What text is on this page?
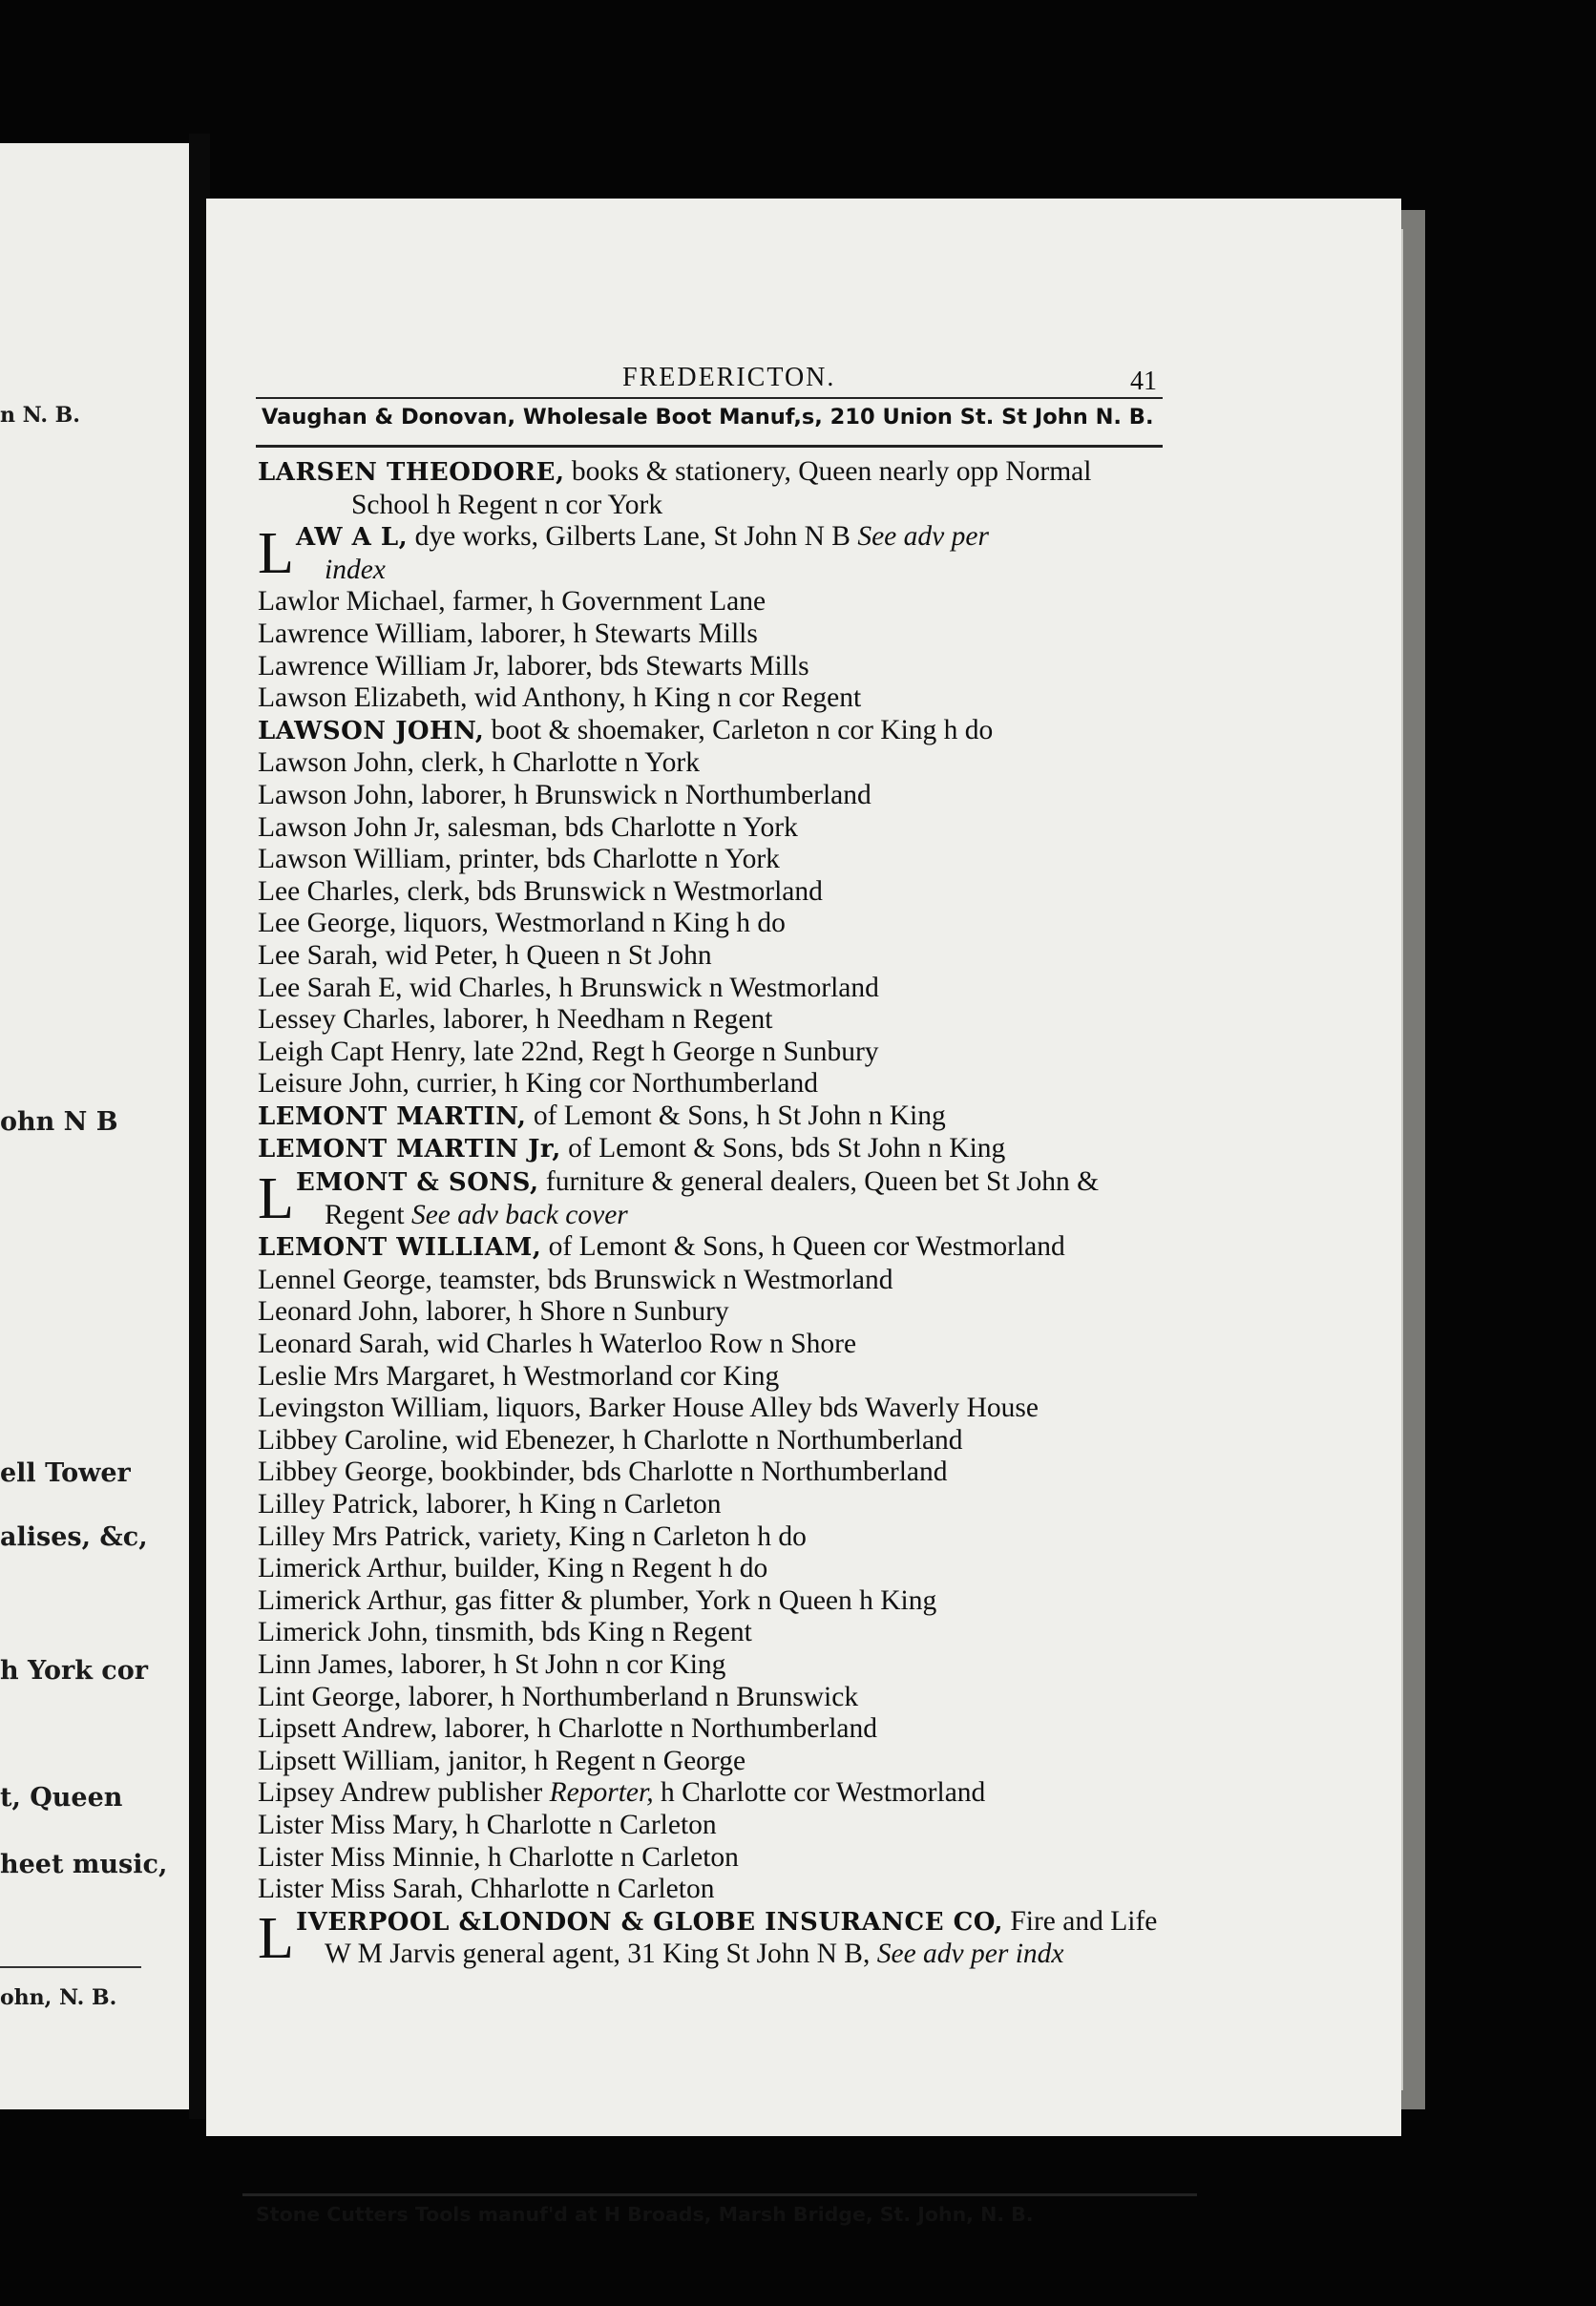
n N. B.
ohn N B
ell Tower
alises, &c,
h York cor
t, Queen
heet music,
ohn, N. B.
FREDERICTON.	41
Vaughan & Donovan, Wholesale Boot Manuf,s, 210 Union St. St John N. B.
LARSEN THEODORE, books & stationery, Queen nearly opp Normal
School h Regent n cor York
L AW A L, dye works, Gilberts Lane, St John N B See adv per
index
Lawlor Michael, farmer, h Government Lane
Lawrence William, laborer, h Stewarts Mills
Lawrence William Jr, laborer, bds Stewarts Mills
Lawson Elizabeth, wid Anthony, h King n cor Regent
LAWSON JOHN, boot & shoemaker, Carleton n cor King h do
Lawson John, clerk, h Charlotte n York
Lawson John, laborer, h Brunswick n Northumberland
Lawson John Jr, salesman, bds Charlotte n York
Lawson William, printer, bds Charlotte n York
Lee Charles, clerk, bds Brunswick n Westmorland
Lee George, liquors, Westmorland n King h do
Lee Sarah, wid Peter, h Queen n St John
Lee Sarah E, wid Charles, h Brunswick n Westmorland
Lessey Charles, laborer, h Needham n Regent
Leigh Capt Henry, late 22nd, Regt h George n Sunbury
Leisure John, currier, h King cor Northumberland
LEMONT MARTIN, of Lemont & Sons, h St John n King
LEMONT MARTIN Jr, of Lemont & Sons, bds St John n King
L EMONT & SONS, furniture & general dealers, Queen bet St John &
Regent See adv back cover
LEMONT WILLIAM, of Lemont & Sons, h Queen cor Westmorland
Lennel George, teamster, bds Brunswick n Westmorland
Leonard John, laborer, h Shore n Sunbury
Leonard Sarah, wid Charles h Waterloo Row n Shore
Leslie Mrs Margaret, h Westmorland cor King
Levingston William, liquors, Barker House Alley bds Waverly House
Libbey Caroline, wid Ebenezer, h Charlotte n Northumberland
Libbey George, bookbinder, bds Charlotte n Northumberland
Lilley Patrick, laborer, h King n Carleton
Lilley Mrs Patrick, variety, King n Carleton h do
Limerick Arthur, builder, King n Regent h do
Limerick Arthur, gas fitter & plumber, York n Queen h King
Limerick John, tinsmith, bds King n Regent
Linn James, laborer, h St John n cor King
Lint George, laborer, h Northumberland n Brunswick
Lipsett Andrew, laborer, h Charlotte n Northumberland
Lipsett William, janitor, h Regent n George
Lipsey Andrew publisher Reporter, h Charlotte cor Westmorland
Lister Miss Mary, h Charlotte n Carleton
Lister Miss Minnie, h Charlotte n Carleton
Lister Miss Sarah, Chharlotte n Carleton
L IVERPOOL &LONDON & GLOBE INSURANCE CO, Fire and Life
W M Jarvis general agent, 31 King St John N B, See adv per indx
Stone Cutters Tools manuf'd at H Broads, Marsh Bridge, St. John, N. B.
